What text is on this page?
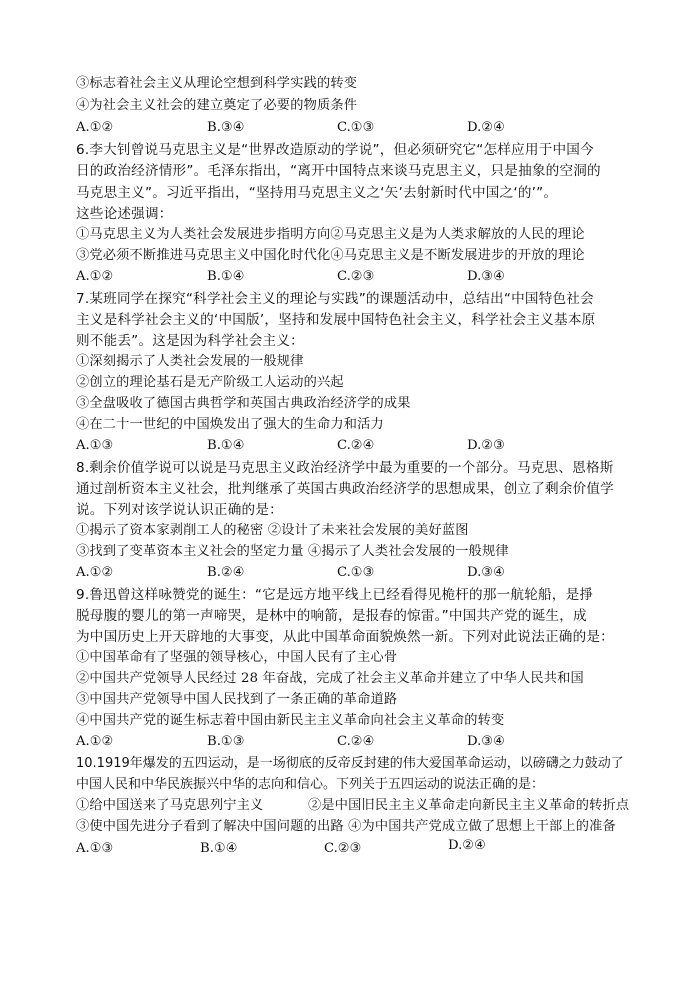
③标志着社会主义从理论空想到科学实践的转变
④为社会主义社会的建立奠定了必要的物质条件
A.①②	B.③④	C.①③	D.②④
6.李大钊曾说马克思主义是“世界改造原动的学说”，但必须研究它“怎样应用于中国今
日的政治经济情形”。毛泽东指出，“离开中国特点来谈马克思主义，只是抽象的空洞的
马克思主义”。习近平指出，“坚持用马克思主义之‘矢’去射新时代中国之‘的’”。
这些论述强调：
①马克思主义为人类社会发展进步指明方向②马克思主义是为人类求解放的人民的理论
③党必须不断推进马克思主义中国化时代化④马克思主义是不断发展进步的开放的理论
A.①②	B.①④	C.②③	D.③④
7.某班同学在探究“科学社会主义的理论与实践”的课题活动中，总结出“中国特色社会
主义是科学社会主义的‘中国版’，坚持和发展中国特色社会主义，科学社会主义基本原
则不能丢”。这是因为科学社会主义：
①深刻揭示了人类社会发展的一般规律
②创立的理论基石是无产阶级工人运动的兴起
③全盘吸收了德国古典哲学和英国古典政治经济学的成果
④在二十一世纪的中国焕发出了强大的生命力和活力
A.①③	B.①④	C.②④	D.②③
8.剩余价值学说可以说是马克思主义政治经济学中最为重要的一个部分。马克思、恩格斯
通过剖析资本主义社会，批判继承了英国古典政治经济学的思想成果，创立了剩余价值学
说。下列对该学说认识正确的是：
①揭示了资本家剥削工人的秘密 ②设计了未来社会发展的美好蓝图
③找到了变革资本主义社会的坚定力量 ④揭示了人类社会发展的一般规律
A.①②	B.②④	C.①③	D.③④
9.鲁迅曾这样咏赞党的诞生：“它是远方地平线上已经看得见桅杆的那一航轮船，是掙
脱母腹的婴儿的第一声啼哭，是林中的响箭，是报春的惊雷。”中国共产党的诞生，成
为中国历史上开天辟地的大事变，从此中国革命面貌焕然一新。下列对此说法正确的是：
①中国革命有了坚强的领导核心，中国人民有了主心骨
②中国共产党领导人民经过 28 年奋战，完成了社会主义革命并建立了中华人民共和国
③中国共产党领导中国人民找到了一条正确的革命道路
④中国共产党的诞生标志着中国由新民主主义革命向社会主义革命的转变
A.①②	B.①③	C.②④	D.③④
10.1919年爆发的五四运动，是一场彻底的反帝反封建的伟大爱国革命运动，以磅礴之力鼓动了
中国人民和中华民族振兴中华的志向和信心。下列关于五四运动的说法正确的是：
①给中国送来了马克思列宁主义	②是中国旧民主主义革命走向新民主主义革命的转折点
③使中国先进分子看到了解决中国问题的出路 ④为中国共产党成立做了思想上干部上的准备
A.①③	B.①④	C.②③	D.②④
